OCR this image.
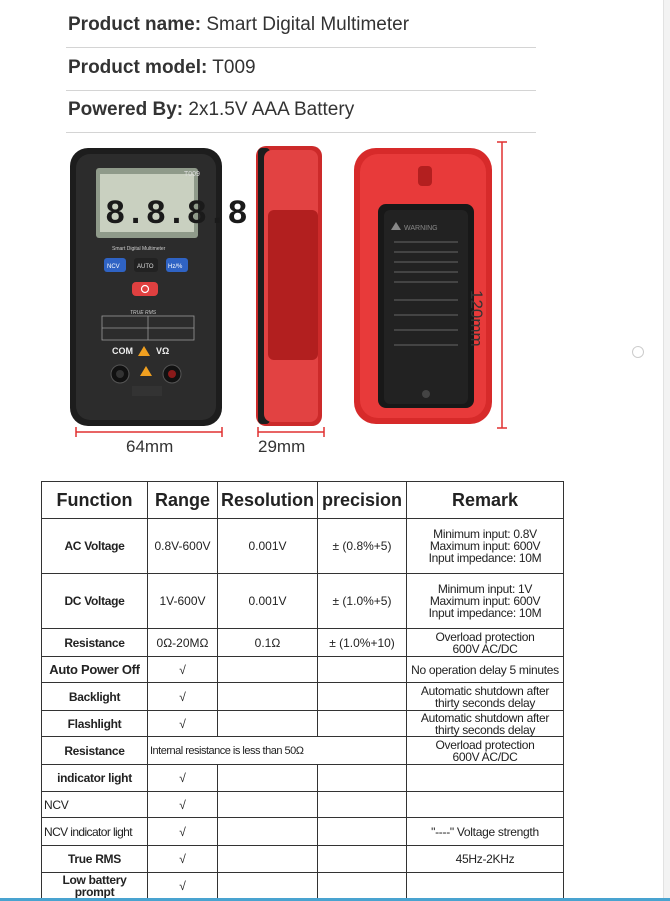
Product name: Smart Digital Multimeter
Product model: T009
Powered By: 2x1.5V AAA Battery
T009
8.8.8.8
Smart Digital Multimeter
NCV	AUTO Hz/%
TRUE RMS
COM	VΩ
WARNING
64mm	29mm
120mm
Function	Range	Resolution	precision	Remark
AC Voltage	0.8V-600V	0.001V	± (0.8%+5)	Minimum input: 0.8V
Maximum input: 600V
Input impedance: 10M

DC Voltage	1V-600V	0.001V	± (1.0%+5)	Minimum input: 1V
Maximum input: 600V
Input impedance: 10M

Resistance	0Ω-20MΩ	0.1Ω	± (1.0%+10)	Overload protection
600V AC/DC

Auto Power Off	√			No operation delay 5 minutes

Backlight	√			Automatic shutdown after
thirty seconds delay

Flashlight	√			Automatic shutdown after
thirty seconds delay

Resistance	Internal resistance is less than 50Ω			Overload protection
600V AC/DC

indicator light	√			
NCV	√			
NCV indicator light	√			"----" Voltage strength

True RMS	√			45Hz-2KHz

Low battery prompt	√			
